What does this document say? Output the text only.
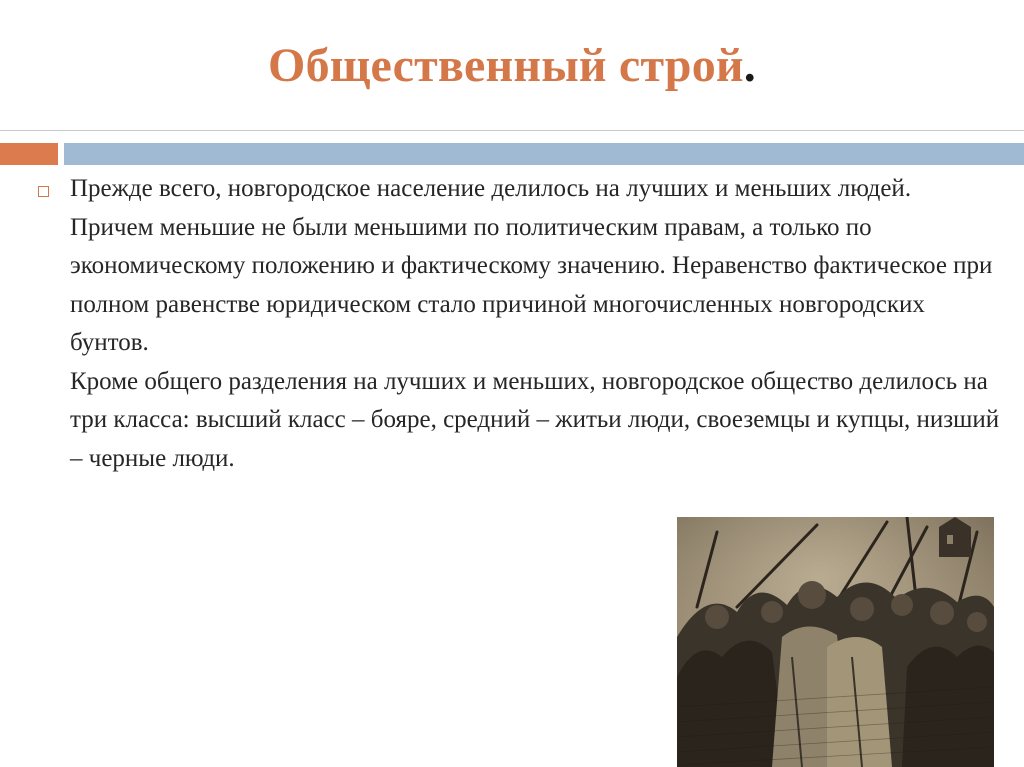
Общественный строй.

Прежде всего, новгородское население делилось на лучших и меньших людей. Причем меньшие не были меньшими по политическим правам, а только по экономическому положению и фактическому значению. Неравенство фактическое при полном равенстве юридическом стало причиной многочисленных новгородских бунтов.

Кроме общего разделения на лучших и меньших, новгородское общество делилось на три класса: высший класс – бояре, средний – житьи люди, своеземцы и купцы, низший – черные люди.
